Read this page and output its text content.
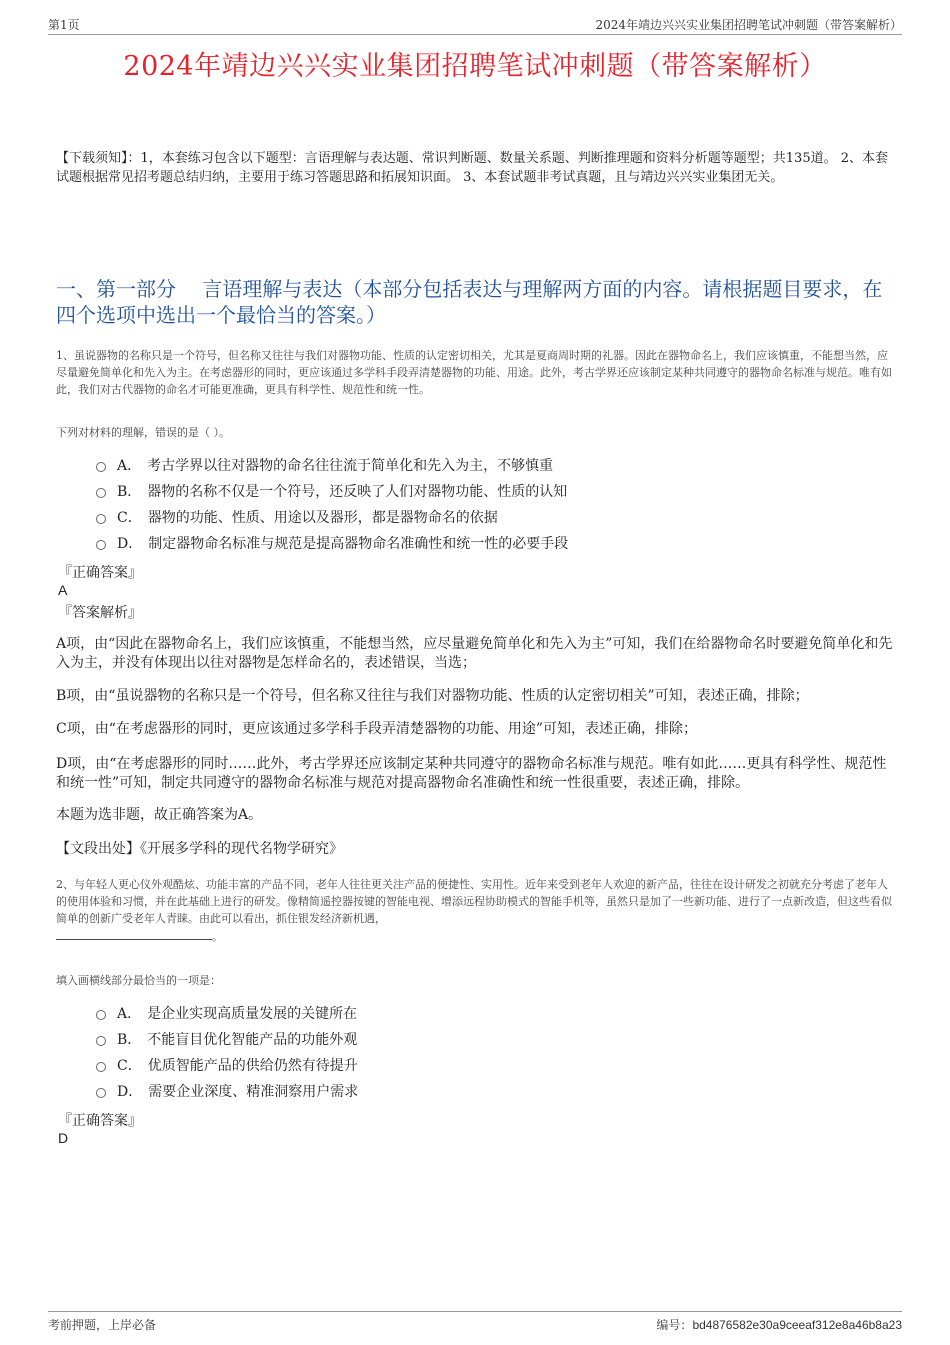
第1页	2024年靖边兴兴实业集团招聘笔试冲刺题（带答案解析）
2024年靖边兴兴实业集团招聘笔试冲刺题（带答案解析）
【下载须知】：1，本套练习包含以下题型：言语理解与表达题、常识判断题、数量关系题、判断推理题和资料分析题等题型；共135道。 2、本套试题根据常见招考题总结归纳，主要用于练习答题思路和拓展知识面。 3、本套试题非考试真题，且与靖边兴兴实业集团无关。
一、第一部分　 言语理解与表达（本部分包括表达与理解两方面的内容。请根据题目要求，在四个选项中选出一个最恰当的答案。）
1、虽说器物的名称只是一个符号，但名称又往往与我们对器物功能、性质的认定密切相关，尤其是夏商周时期的礼器。因此在器物命名上，我们应该慎重，不能想当然，应尽量避免简单化和先入为主。在考虑器形的同时，更应该通过多学科手段弄清楚器物的功能、用途。此外，考古学界还应该制定某种共同遵守的器物命名标准与规范。唯有如此，我们对古代器物的命名才可能更准确，更具有科学性、规范性和统一性。
下列对材料的理解，错误的是（ ）。
A． 考古学界以往对器物的命名往往流于简单化和先入为主，不够慎重
B． 器物的名称不仅是一个符号，还反映了人们对器物功能、性质的认知
C． 器物的功能、性质、用途以及器形，都是器物命名的依据
D． 制定器物命名标准与规范是提高器物命名准确性和统一性的必要手段
『正确答案』
A
『答案解析』

A项，由“因此在器物命名上，我们应该慎重，不能想当然，应尽量避免简单化和先入为主”可知，我们在给器物命名时要避免简单化和先入为主，并没有体现出以往对器物是怎样命名的，表述错误，当选；

B项，由“虽说器物的名称只是一个符号，但名称又往往与我们对器物功能、性质的认定密切相关”可知，表述正确，排除；

C项，由“在考虑器形的同时，更应该通过多学科手段弄清楚器物的功能、用途”可知，表述正确，排除；

D项，由“在考虑器形的同时……此外，考古学界还应该制定某种共同遵守的器物命名标准与规范。唯有如此……更具有科学性、规范性和统一性”可知，制定共同遵守的器物命名标准与规范对提高器物命名准确性和统一性很重要，表述正确，排除。

本题为选非题，故正确答案为A。

【文段出处】《开展多学科的现代名物学研究》

2、与年轻人更心仪外观酷炫、功能丰富的产品不同，老年人往往更关注产品的便捷性、实用性。近年来受到老年人欢迎的新产品，往往在设计研发之初就充分考虑了老年人的使用体验和习惯，并在此基础上进行的研发。像精简遥控器按键的智能电视、增添远程协助模式的智能手机等，虽然只是加了一些新功能、进行了一点新改造，但这些看似简单的创新广受老年人青睐。由此可以看出，抓住银发经济新机遇，
。
填入画横线部分最恰当的一项是：
A． 是企业实现高质量发展的关键所在
B． 不能盲目优化智能产品的功能外观
C． 优质智能产品的供给仍然有待提升
D． 需要企业深度、精准洞察用户需求
『正确答案』
D
考前押题，上岸必备	编号：bd4876582e30a9ceeaf312e8a46b8a23
